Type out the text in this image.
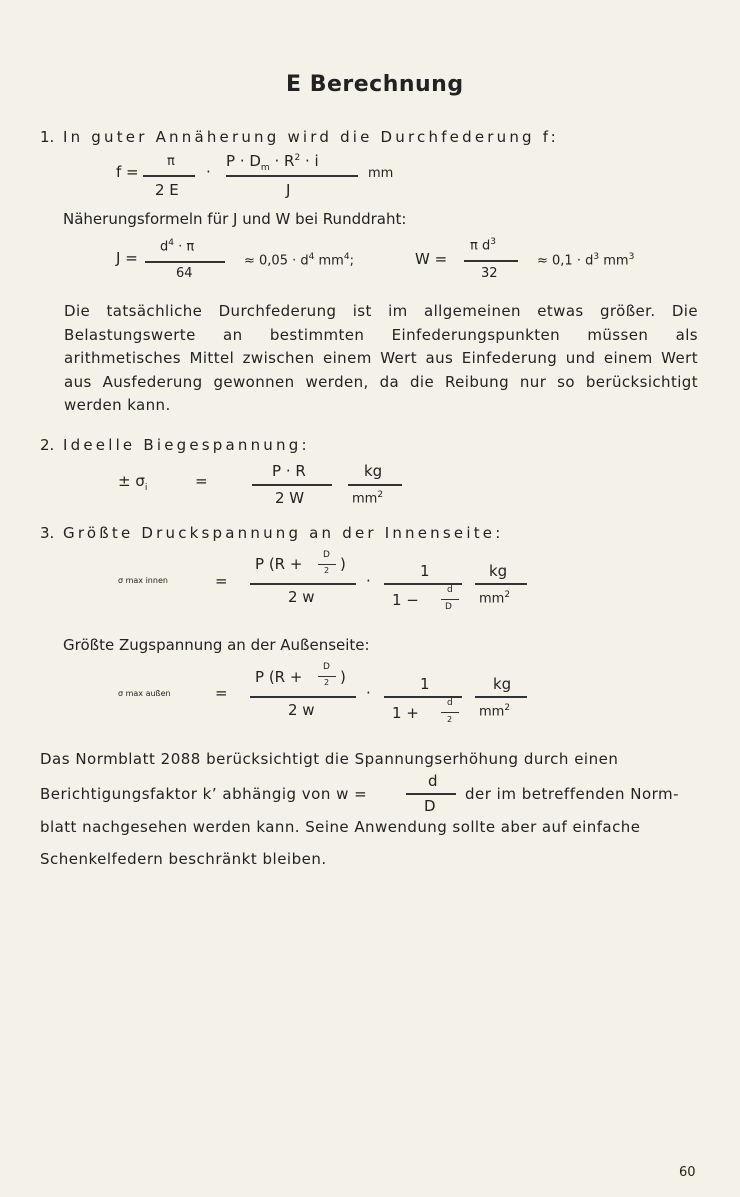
E Berechnung
1. In guter Annäherung wird die Durchfederung f:
f =
π
2 E
·
$P \cdot D_m \cdot R^2 \cdot i$
J
mm
Näherungsformeln für J und W bei Runddraht:
J =
$d^4 \cdot \pi$
64
≈ $0,05 \cdot d^4$ $mm^4$;	W =
π $d^3$
32
≈ $0,1 \cdot d^3$ $mm^3$
Die tatsächliche Durchfederung ist im allgemeinen etwas größer. Die Belastungswerte an bestimmten Einfederungspunkten müssen als arithmetisches Mittel zwischen einem Wert aus Einfederung und einem Wert aus Ausfederung gewonnen werden, da die Reibung nur so berücksichtigt werden kann.
2. Ideelle Biegespannung:
± $\sigma_i$	=
P · R
2 W
kg
$mm^2$
3. Größte Druckspannung an der Innenseite:
σ max innen	=
P (R + D
2 )
2 w
·
1
1 −
d
D
kg
$mm^2$
Größte Zugspannung an der Außenseite:
σ max außen	=
P (R +
D
2 )
2 w
·	1
1 +
d
2
kg
$mm^2$
Das Normblatt 2088 berücksichtigt die Spannungserhöhung durch einen
Berichtigungsfaktor k’ abhängig von w =
d
D
der im betreffenden Norm-
blatt nachgesehen werden kann. Seine Anwendung sollte aber auf einfache
Schenkelfedern beschränkt bleiben.
60
